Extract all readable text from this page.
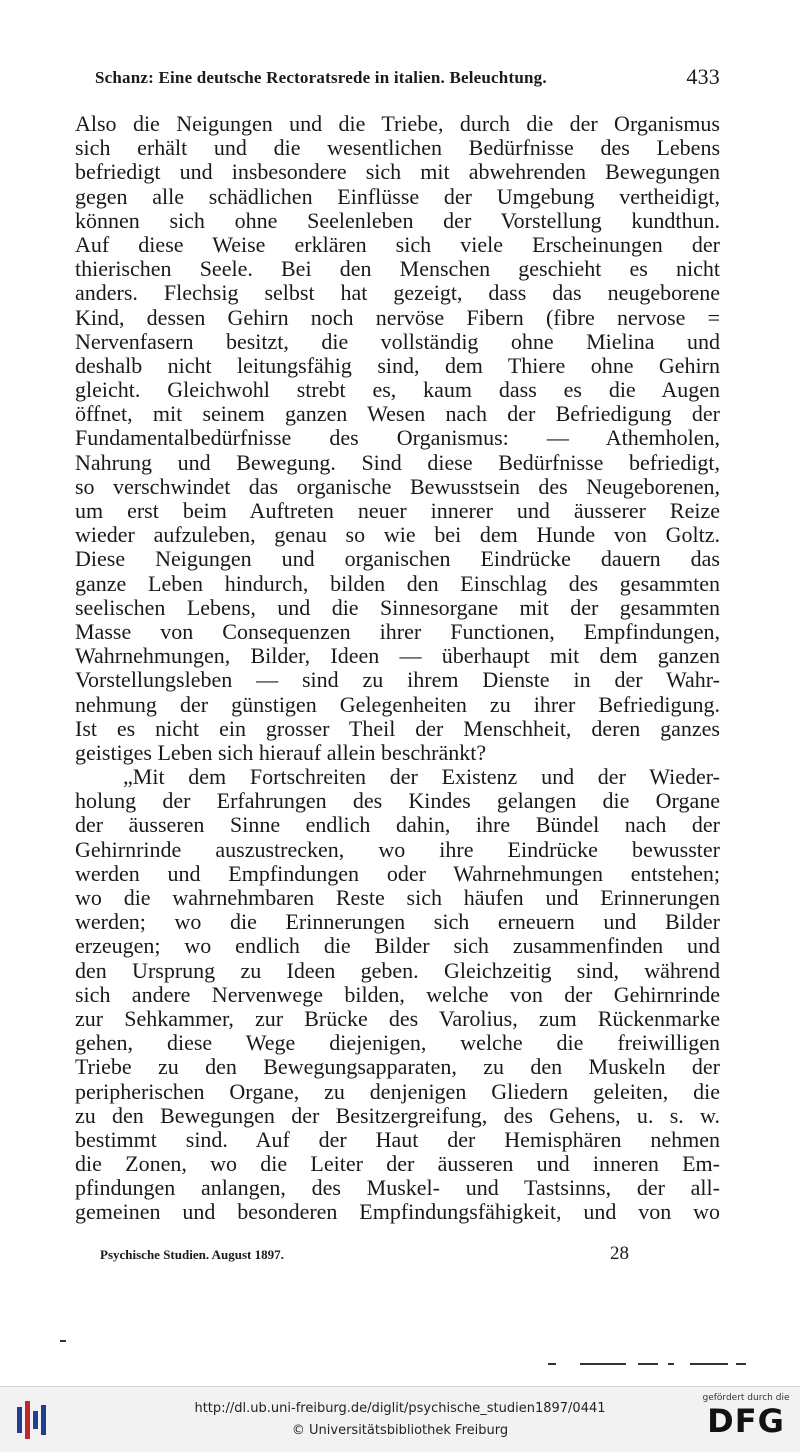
Schanz: Eine deutsche Rectoratsrede in italien. Beleuchtung.	433
Also die Neigungen und die Triebe, durch die der Organismus
sich erhält und die wesentlichen Bedürfnisse des Lebens
befriedigt und insbesondere sich mit abwehrenden Bewegungen
gegen alle schädlichen Einflüsse der Umgebung vertheidigt,
können sich ohne Seelenleben der Vorstellung kundthun.
Auf diese Weise erklären sich viele Erscheinungen der
thierischen Seele. Bei den Menschen geschieht es nicht
anders. Flechsig selbst hat gezeigt, dass das neugeborene
Kind, dessen Gehirn noch nervöse Fibern (fibre nervose =
Nervenfasern besitzt, die vollständig ohne Mielina und
deshalb nicht leitungsfähig sind, dem Thiere ohne Gehirn
gleicht. Gleichwohl strebt es, kaum dass es die Augen
öffnet, mit seinem ganzen Wesen nach der Befriedigung der
Fundamentalbedürfnisse des Organismus: — Athemholen,
Nahrung und Bewegung. Sind diese Bedürfnisse befriedigt,
so verschwindet das organische Bewusstsein des Neugeborenen,
um erst beim Auftreten neuer innerer und äusserer Reize
wieder aufzuleben, genau so wie bei dem Hunde von Goltz.
Diese Neigungen und organischen Eindrücke dauern das
ganze Leben hindurch, bilden den Einschlag des gesammten
seelischen Lebens, und die Sinnesorgane mit der gesammten
Masse von Consequenzen ihrer Functionen, Empfindungen,
Wahrnehmungen, Bilder, Ideen — überhaupt mit dem ganzen
Vorstellungsleben — sind zu ihrem Dienste in der Wahr-
nehmung der günstigen Gelegenheiten zu ihrer Befriedigung.
Ist es nicht ein grosser Theil der Menschheit, deren ganzes
geistiges Leben sich hierauf allein beschränkt?
„Mit dem Fortschreiten der Existenz und der Wieder-
holung der Erfahrungen des Kindes gelangen die Organe
der äusseren Sinne endlich dahin, ihre Bündel nach der
Gehirnrinde auszustrecken, wo ihre Eindrücke bewusster
werden und Empfindungen oder Wahrnehmungen entstehen;
wo die wahrnehmbaren Reste sich häufen und Erinnerungen
werden; wo die Erinnerungen sich erneuern und Bilder
erzeugen; wo endlich die Bilder sich zusammenfinden und
den Ursprung zu Ideen geben. Gleichzeitig sind, während
sich andere Nervenwege bilden, welche von der Gehirnrinde
zur Sehkammer, zur Brücke des Varolius, zum Rückenmarke
gehen, diese Wege diejenigen, welche die freiwilligen
Triebe zu den Bewegungsapparaten, zu den Muskeln der
peripherischen Organe, zu denjenigen Gliedern geleiten, die
zu den Bewegungen der Besitzergreifung, des Gehens, u. s. w.
bestimmt sind. Auf der Haut der Hemisphären nehmen
die Zonen, wo die Leiter der äusseren und inneren Em-
pfindungen anlangen, des Muskel- und Tastsinns, der all-
gemeinen und besonderen Empfindungsfähigkeit, und von wo
Psychische Studien. August 1897.	28
http://dl.ub.uni-freiburg.de/diglit/psychische_studien1897/0441
© Universitätsbibliothek Freiburg
gefördert durch die
DFG
